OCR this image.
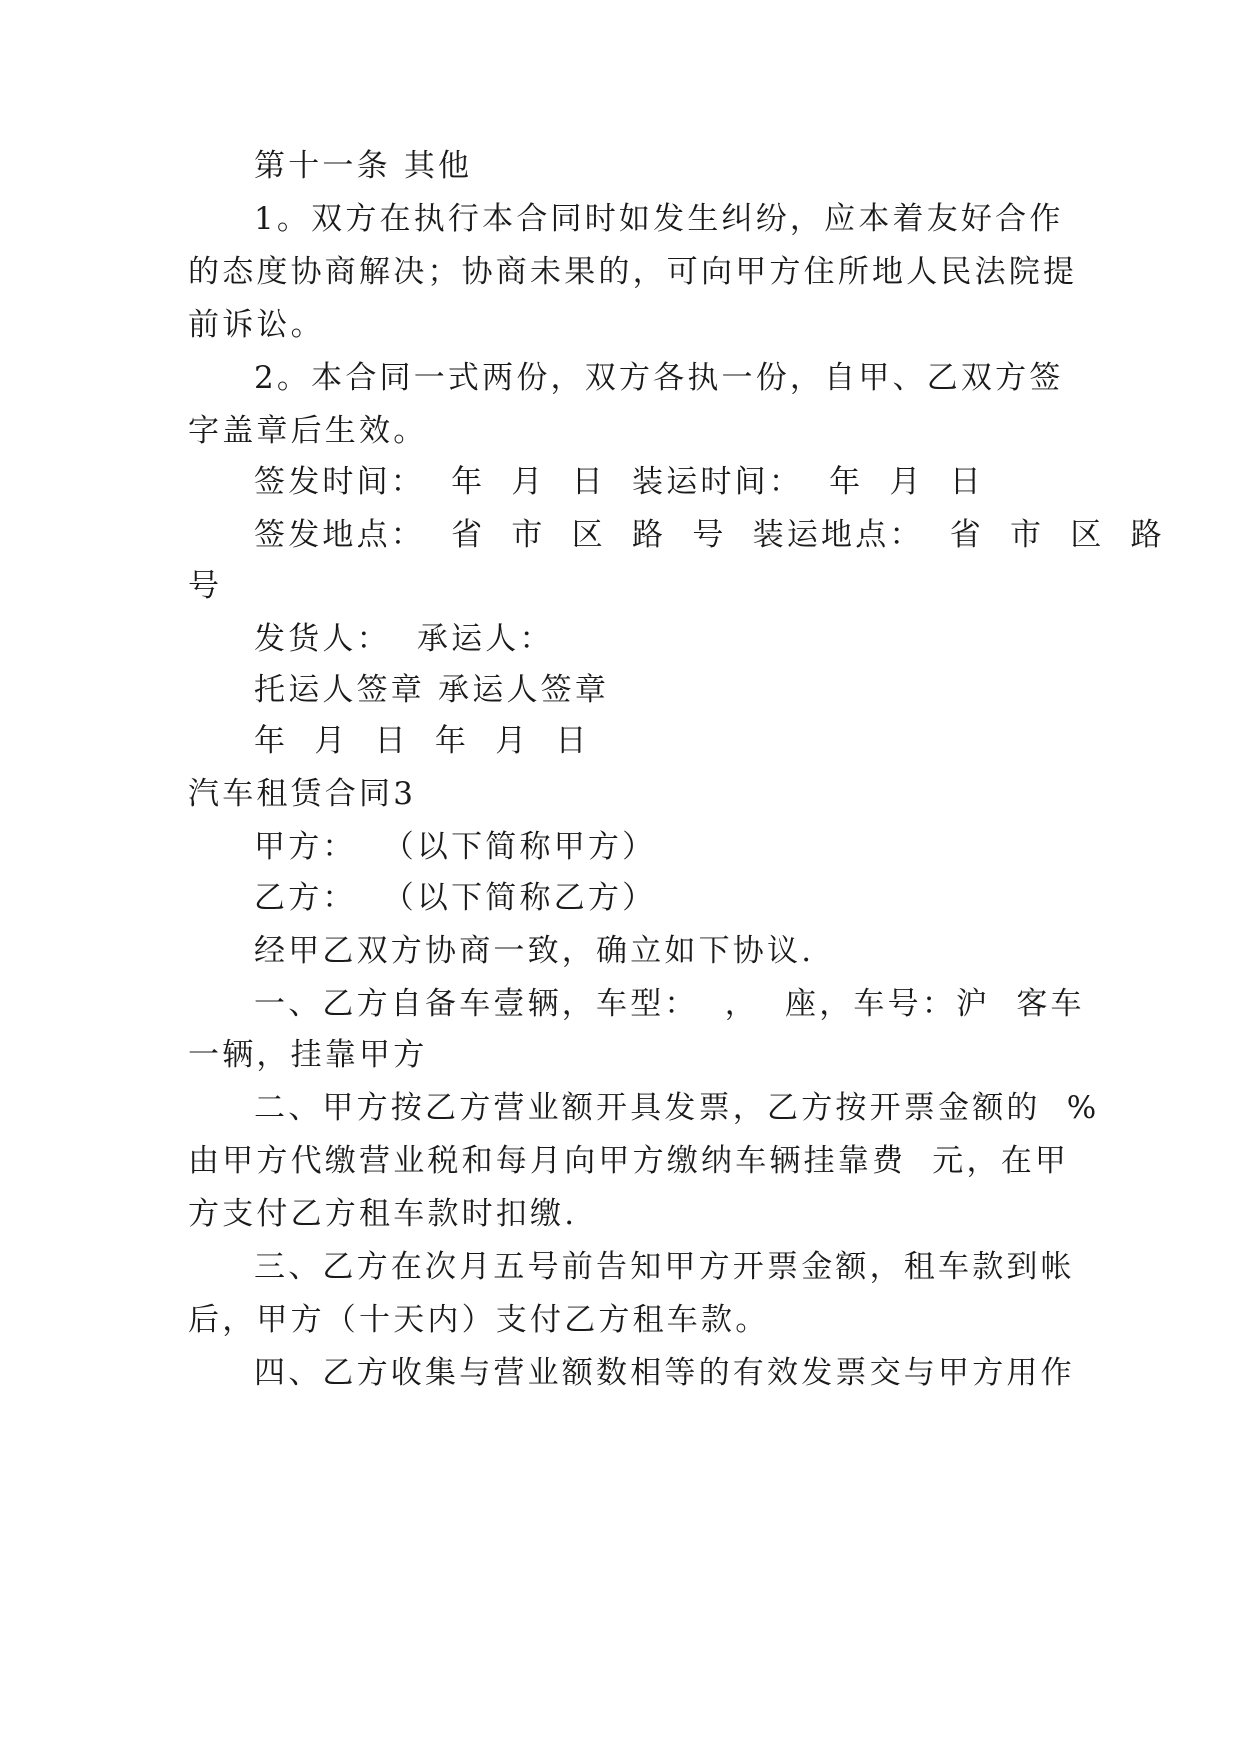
第十一条 其他
1。双方在执行本合同时如发生纠纷，应本着友好合作
的态度协商解决；协商未果的，可向甲方住所地人民法院提
前诉讼。
2。本合同一式两份，双方各执一份，自甲、乙双方签
字盖章后生效。
签发时间：  年  月  日  装运时间：  年  月  日
签发地点：  省  市  区  路  号  装运地点：  省  市  区  路
号
发货人：  承运人：
托运人签章 承运人签章
年  月  日  年  月  日
汽车租赁合同3
甲方：  （以下简称甲方）
乙方：  （以下简称乙方）
经甲乙双方协商一致，确立如下协议.
一、乙方自备车壹辆，车型：  ，  座，车号：沪  客车
一辆，挂靠甲方
二、甲方按乙方营业额开具发票，乙方按开票金额的  %
由甲方代缴营业税和每月向甲方缴纳车辆挂靠费  元，在甲
方支付乙方租车款时扣缴.
三、乙方在次月五号前告知甲方开票金额，租车款到帐
后，甲方（十天内）支付乙方租车款。
四、乙方收集与营业额数相等的有效发票交与甲方用作
